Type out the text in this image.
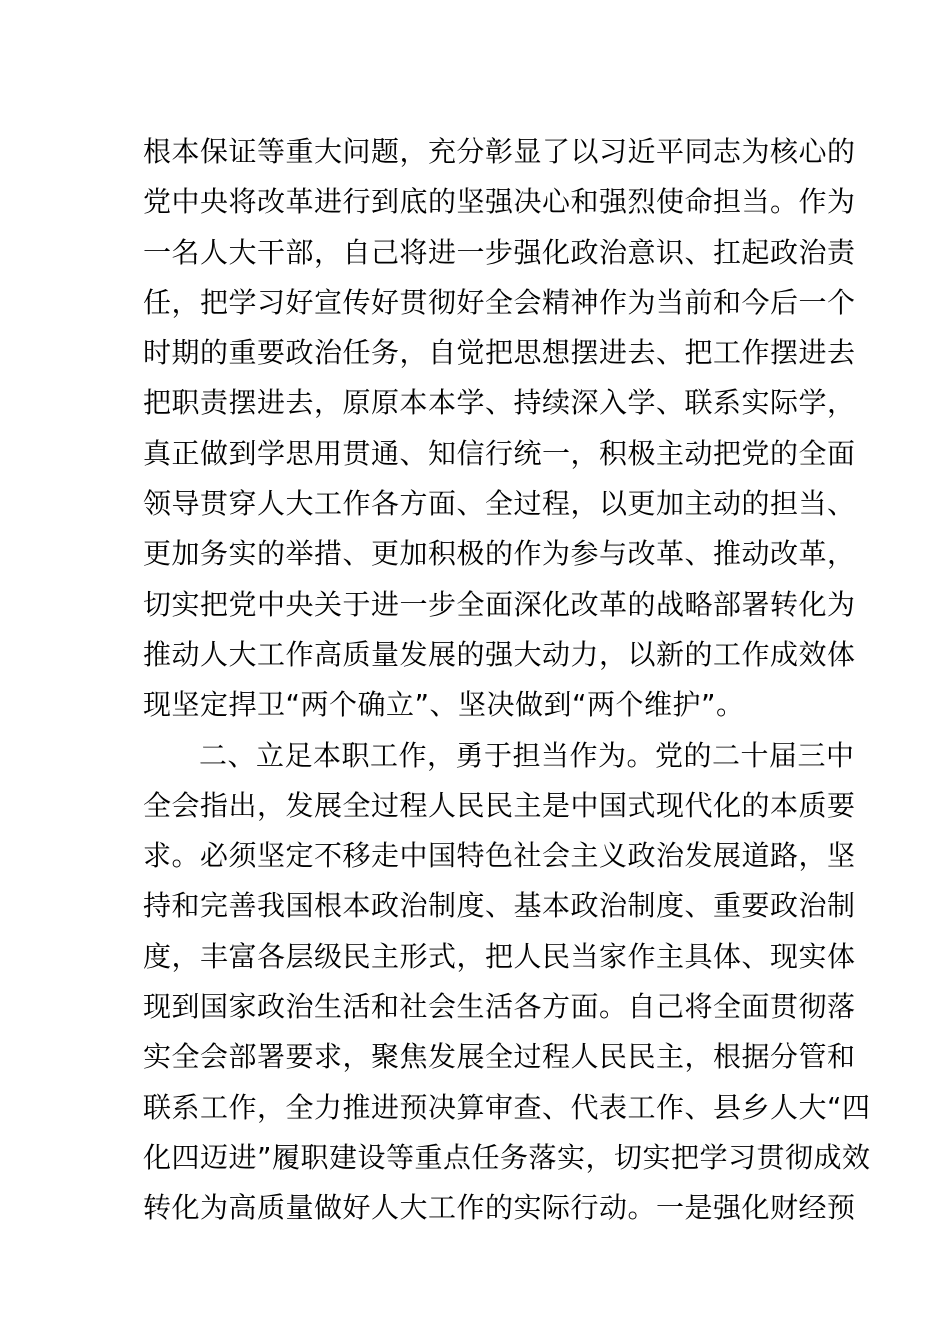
根本保证等重大问题，充分彰显了以习近平同志为核心的
党中央将改革进行到底的坚强决心和强烈使命担当。作为
一名人大干部，自己将进一步强化政治意识、扛起政治责
任，把学习好宣传好贯彻好全会精神作为当前和今后一个
时期的重要政治任务，自觉把思想摆进去、把工作摆进去
把职责摆进去，原原本本学、持续深入学、联系实际学，
真正做到学思用贯通、知信行统一，积极主动把党的全面
领导贯穿人大工作各方面、全过程，以更加主动的担当、
更加务实的举措、更加积极的作为参与改革、推动改革，
切实把党中央关于进一步全面深化改革的战略部署转化为
推动人大工作高质量发展的强大动力，以新的工作成效体
现坚定捍卫“两个确立”、坚决做到“两个维护”。
二、立足本职工作，勇于担当作为。党的二十届三中
全会指出，发展全过程人民民主是中国式现代化的本质要
求。必须坚定不移走中国特色社会主义政治发展道路，坚
持和完善我国根本政治制度、基本政治制度、重要政治制
度，丰富各层级民主形式，把人民当家作主具体、现实体
现到国家政治生活和社会生活各方面。自己将全面贯彻落
实全会部署要求，聚焦发展全过程人民民主，根据分管和
联系工作，全力推进预决算审查、代表工作、县乡人大“四
化四迈进”履职建设等重点任务落实，切实把学习贯彻成效
转化为高质量做好人大工作的实际行动。一是强化财经预
